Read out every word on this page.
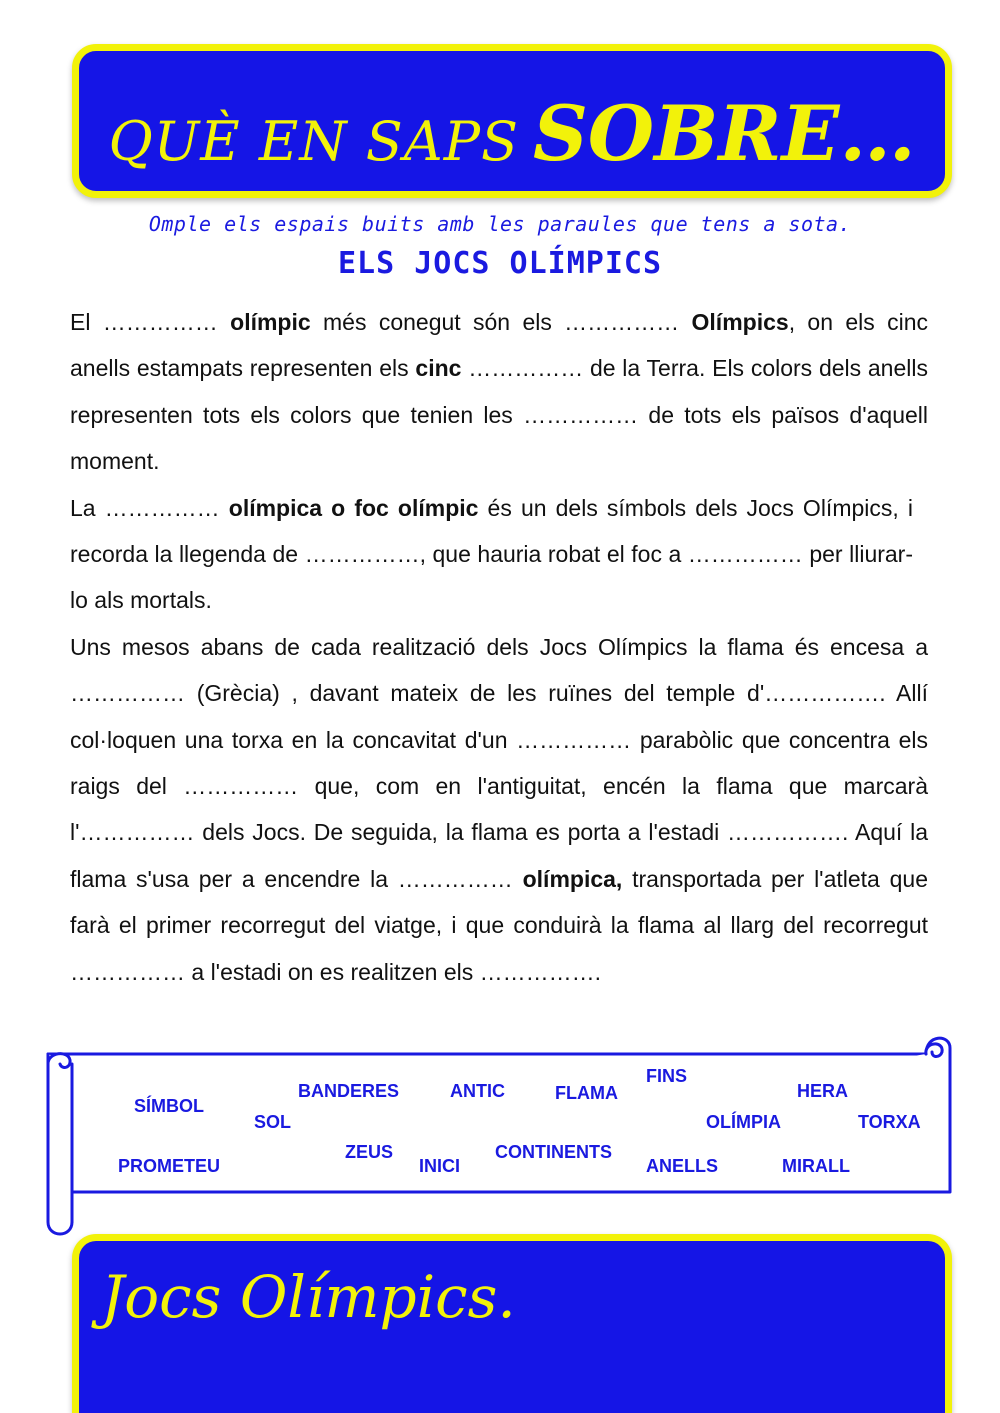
QUÈ EN SAPS SOBRE…
Omple els espais buits amb les paraules que tens a sota.
ELS JOCS OLÍMPICS

El …………… olímpic més conegut són els …………… Olímpics, on els cinc anells estampats representen els cinc …………… de la Terra. Els colors dels anells representen tots els colors que tenien les …………… de tots els països d'aquell moment.

La …………… olímpica o foc olímpic és un dels símbols dels Jocs Olímpics, i recorda la llegenda de ……………, que hauria robat el foc a …………… per lliurar-lo als mortals.

Uns mesos abans de cada realització dels Jocs Olímpics la flama és encesa a …………… (Grècia) , davant mateix de les ruïnes del temple d'……………. Allí col·loquen una torxa en la concavitat d'un …………… parabòlic que concentra els raigs del …………… que, com en l'antiguitat, encén la flama que marcarà l'…………… dels Jocs. De seguida, la flama es porta a l'estadi ……………. Aquí la flama s'usa per a encendre la …………… olímpica, transportada per l'atleta que farà el primer recorregut del viatge, i que conduirà la flama al llarg del recorregut …………… a l'estadi on es realitzen els …………….

SÍMBOL
BANDERES	ANTIC	FLAMA
FINS
HERA
SOL	OLÍMPIA	TORXA
ZEUS	CONTINENTS
PROMETEU	INICI	ANELLS	MIRALL
Jocs Olímpics.
